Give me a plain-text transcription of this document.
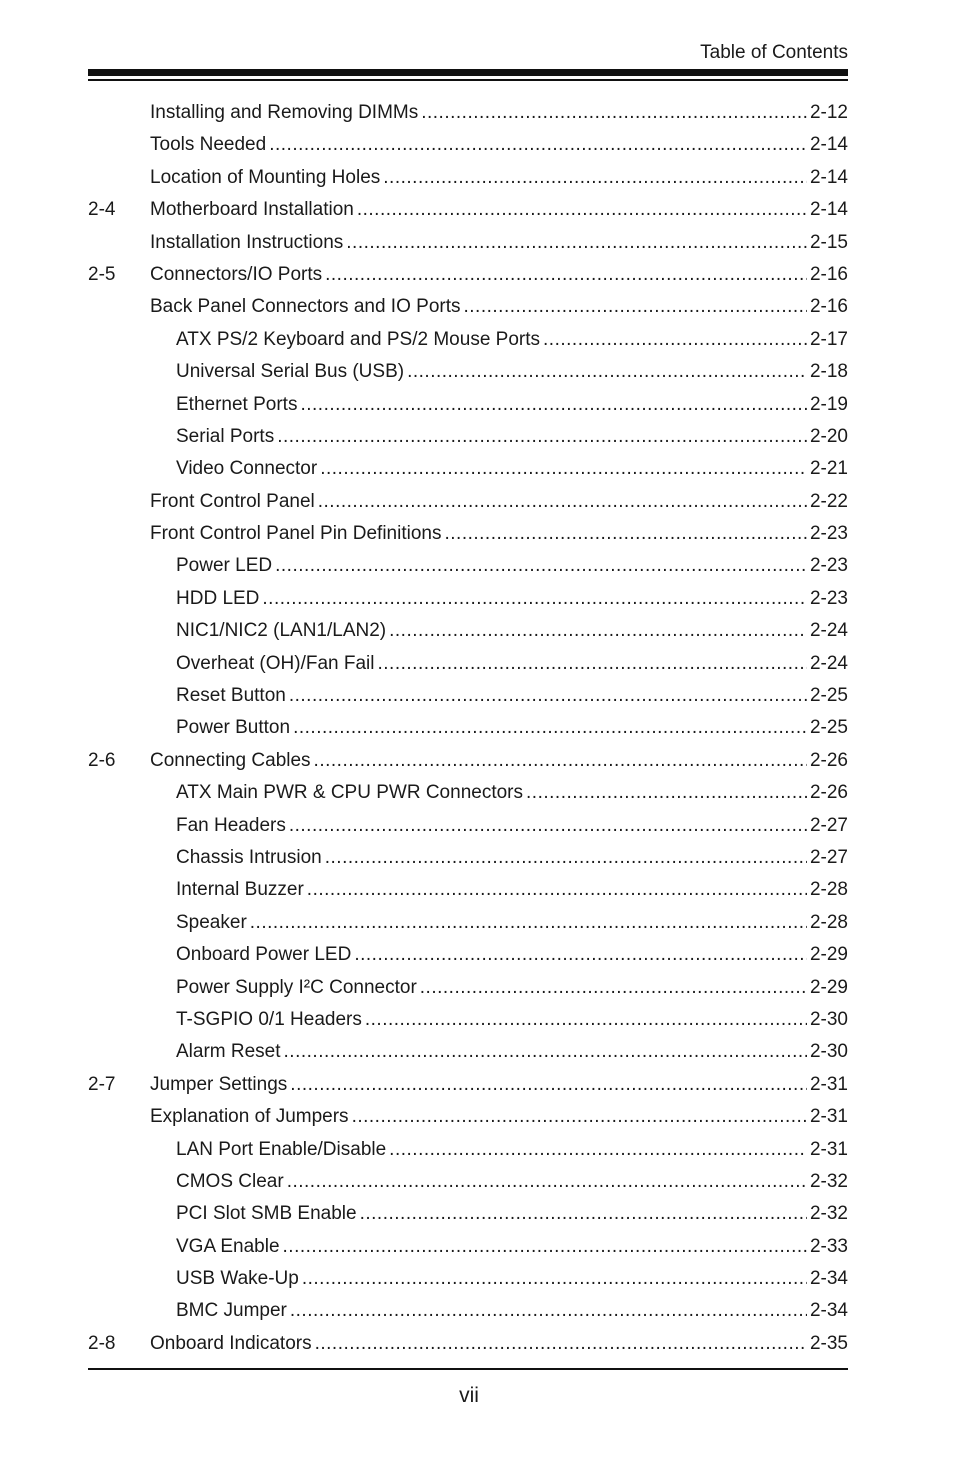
Table of Contents
Installing and Removing DIMMs .....	2-12
Tools Needed .....	2-14
Location of Mounting Holes .....	2-14
2-4 Motherboard Installation .....	2-14
Installation Instructions .....	2-15
2-5 Connectors/IO Ports .....	2-16
Back Panel Connectors and IO Ports .....	2-16
ATX PS/2 Keyboard and PS/2 Mouse Ports .....	2-17
Universal Serial Bus (USB) .....	2-18
Ethernet Ports .....	2-19
Serial Ports .....	2-20
Video Connector .....	2-21
Front Control Panel .....	2-22
Front Control Panel Pin Definitions .....	2-23
Power LED .....	2-23
HDD LED .....	2-23
NIC1/NIC2 (LAN1/LAN2) .....	2-24
Overheat (OH)/Fan Fail .....	2-24
Reset Button .....	2-25
Power Button .....	2-25
2-6 Connecting Cables .....	2-26
ATX Main PWR & CPU PWR Connectors .....	2-26
Fan Headers .....	2-27
Chassis Intrusion .....	2-27
Internal Buzzer .....	2-28
Speaker .....	2-28
Onboard Power LED .....	2-29
Power Supply I²C Connector .....	2-29
T-SGPIO 0/1 Headers .....	2-30
Alarm Reset .....	2-30
2-7 Jumper Settings .....	2-31
Explanation of Jumpers .....	2-31
LAN Port Enable/Disable .....	2-31
CMOS Clear .....	2-32
PCI Slot SMB Enable .....	2-32
VGA Enable .....	2-33
USB Wake-Up .....	2-34
BMC Jumper .....	2-34
2-8 Onboard Indicators .....	2-35
vii
